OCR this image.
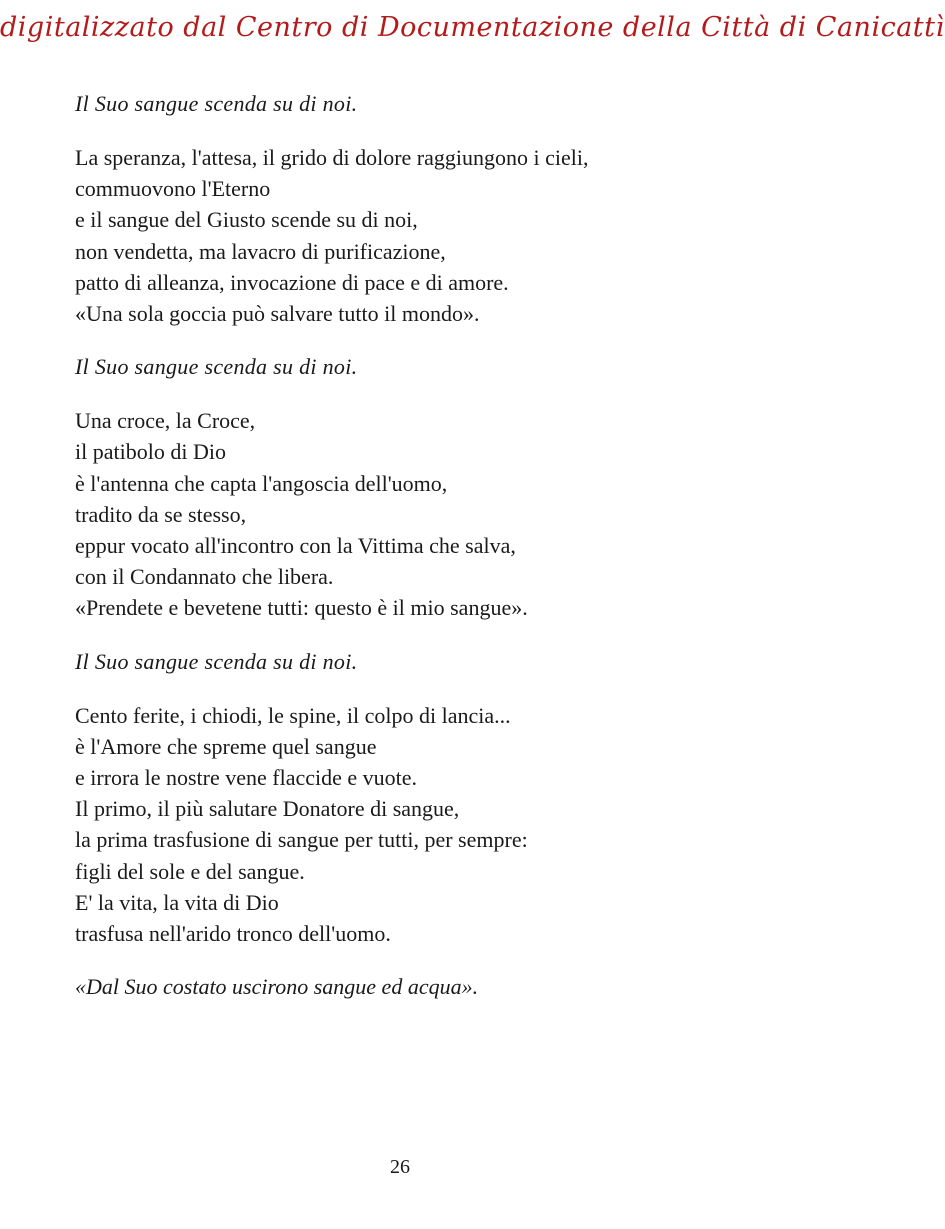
digitalizzato dal Centro di Documentazione della Città di Canicattì
Il Suo sangue scenda su di noi.
La speranza, l'attesa, il grido di dolore raggiungono i cieli,
commuovono l'Eterno
e il sangue del Giusto scende su di noi,
non vendetta, ma lavacro di purificazione,
patto di alleanza, invocazione di pace e di amore.
«Una sola goccia può salvare tutto il mondo».
Il Suo sangue scenda su di noi.
Una croce, la Croce,
il patibolo di Dio
è l'antenna che capta l'angoscia dell'uomo,
tradito da se stesso,
eppur vocato all'incontro con la Vittima che salva,
con il Condannato che libera.
«Prendete e bevetene tutti: questo è il mio sangue».
Il Suo sangue scenda su di noi.
Cento ferite, i chiodi, le spine, il colpo di lancia...
è l'Amore che spreme quel sangue
e irrora le nostre vene flaccide e vuote.
Il primo, il più salutare Donatore di sangue,
la prima trasfusione di sangue per tutti, per sempre:
figli del sole e del sangue.
E' la vita, la vita di Dio
trasfusa nell'arido tronco dell'uomo.
«Dal Suo costato uscirono sangue ed acqua».
26
